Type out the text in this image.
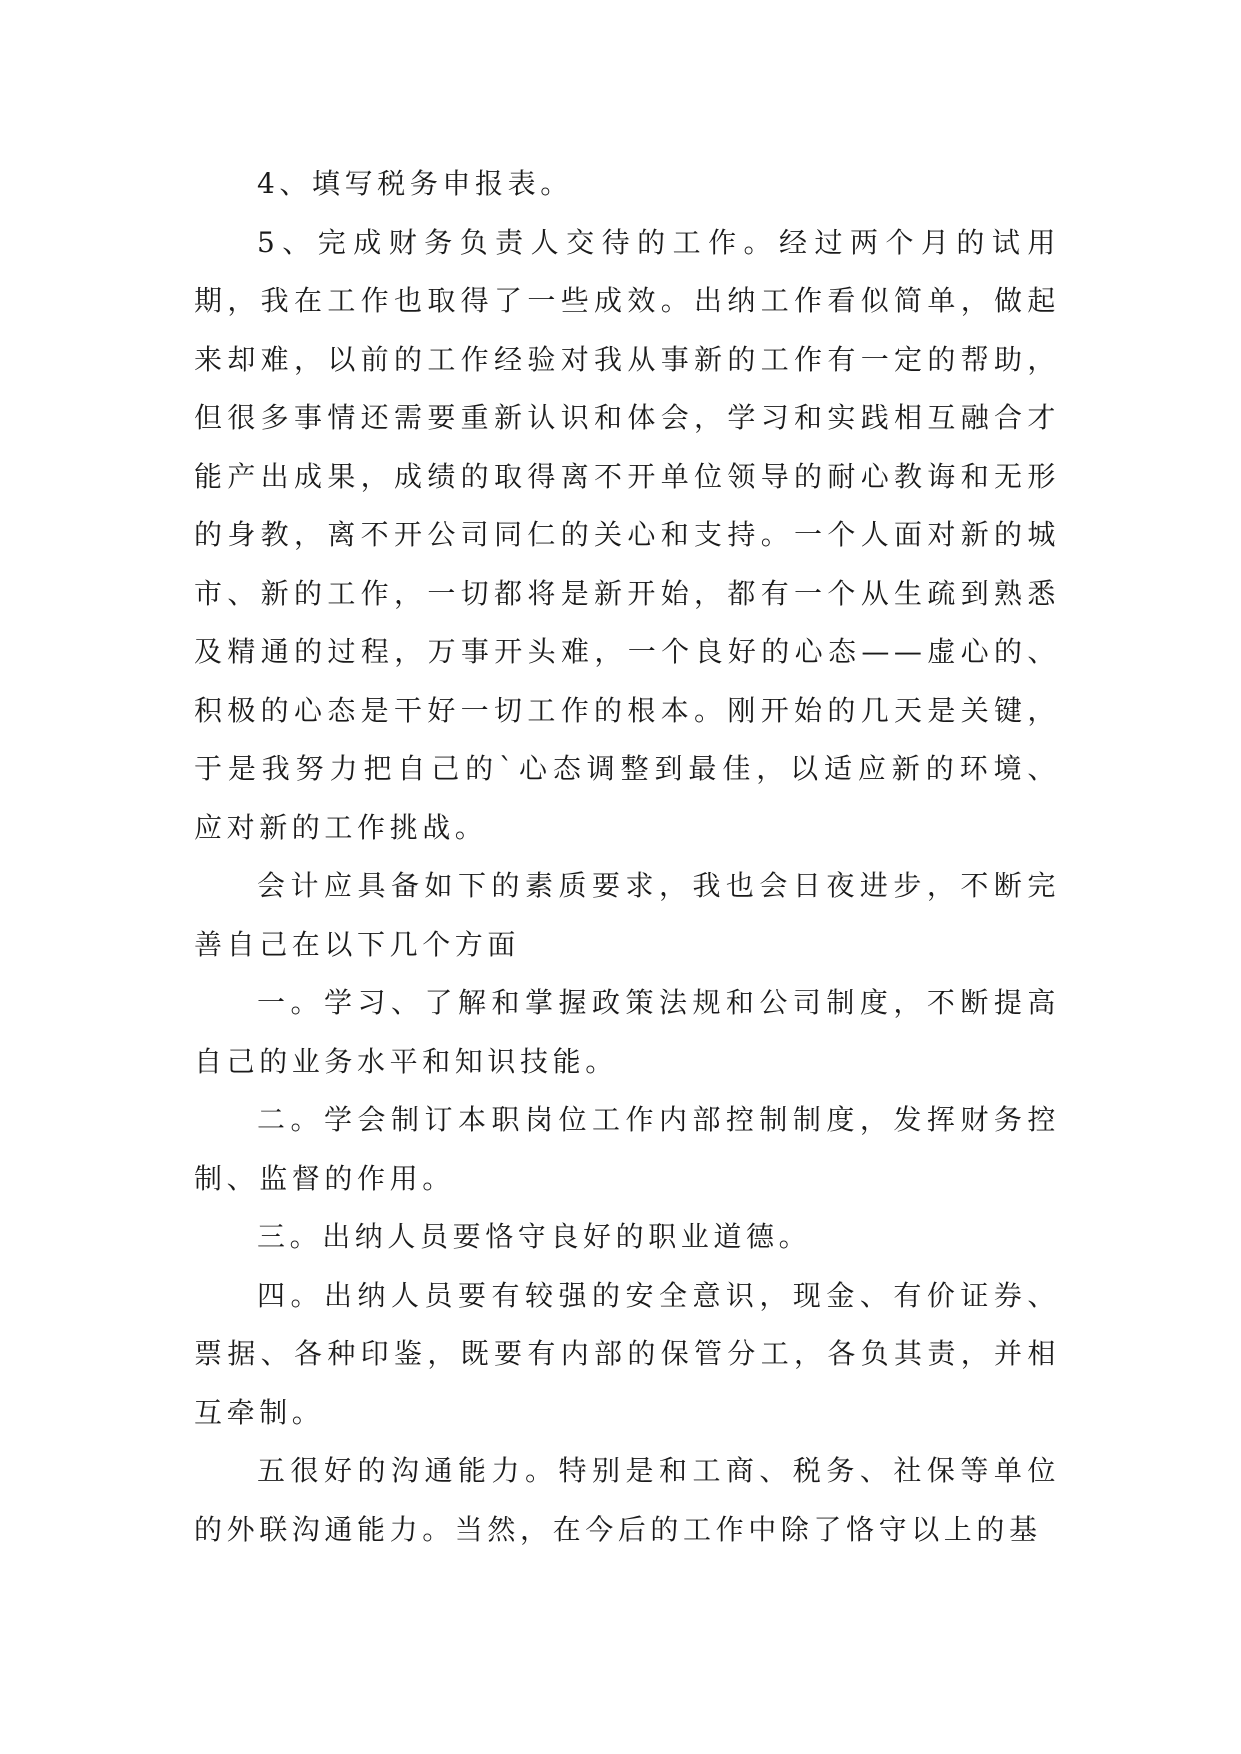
4、填写税务申报表。

5、完成财务负责人交待的工作。经过两个月的试用期，我在工作也取得了一些成效。出纳工作看似简单，做起来却难，以前的工作经验对我从事新的工作有一定的帮助，但很多事情还需要重新认识和体会，学习和实践相互融合才能产出成果，成绩的取得离不开单位领导的耐心教诲和无形的身教，离不开公司同仁的关心和支持。一个人面对新的城市、新的工作，一切都将是新开始，都有一个从生疏到熟悉及精通的过程，万事开头难，一个良好的心态——虚心的、积极的心态是干好一切工作的根本。刚开始的几天是关键，于是我努力把自己的`心态调整到最佳，以适应新的环境、应对新的工作挑战。

会计应具备如下的素质要求，我也会日夜进步，不断完善自己在以下几个方面

一。学习、了解和掌握政策法规和公司制度，不断提高自己的业务水平和知识技能。

二。学会制订本职岗位工作内部控制制度，发挥财务控制、监督的作用。

三。出纳人员要恪守良好的职业道德。

四。出纳人员要有较强的安全意识，现金、有价证券、票据、各种印鉴，既要有内部的保管分工，各负其责，并相互牵制。

五很好的沟通能力。特别是和工商、税务、社保等单位的外联沟通能力。当然，在今后的工作中除了恪守以上的基
